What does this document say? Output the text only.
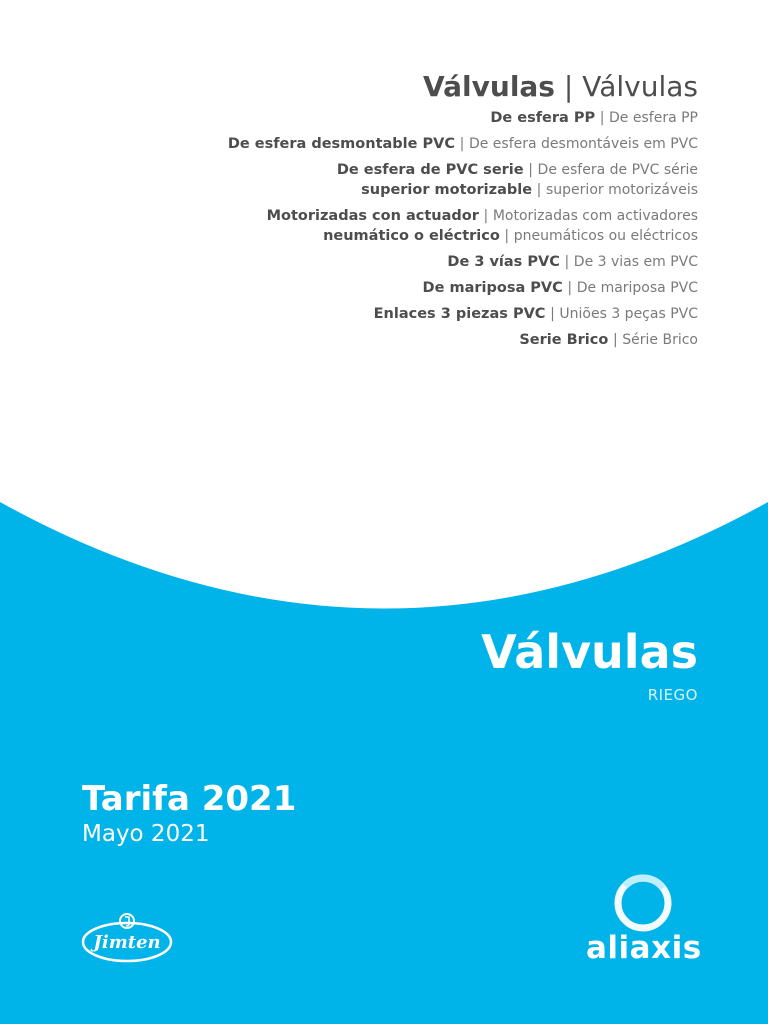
Válvulas | Válvulas
De esfera PP | De esfera PP
De esfera desmontable PVC | De esfera desmontáveis em PVC
De esfera de PVC serie | De esfera de PVC série
superior motorizable | superior motorizáveis
Motorizadas con actuador | Motorizadas com activadores
neumático o eléctrico | pneumáticos ou eléctricos
De 3 vías PVC | De 3 vias em PVC
De mariposa PVC | De mariposa PVC
Enlaces 3 piezas PVC | Uniões 3 peças PVC
Serie Brico | Série Brico
Válvulas
RIEGO
Tarifa 2021
Mayo 2021
Jimten	aliaxis
